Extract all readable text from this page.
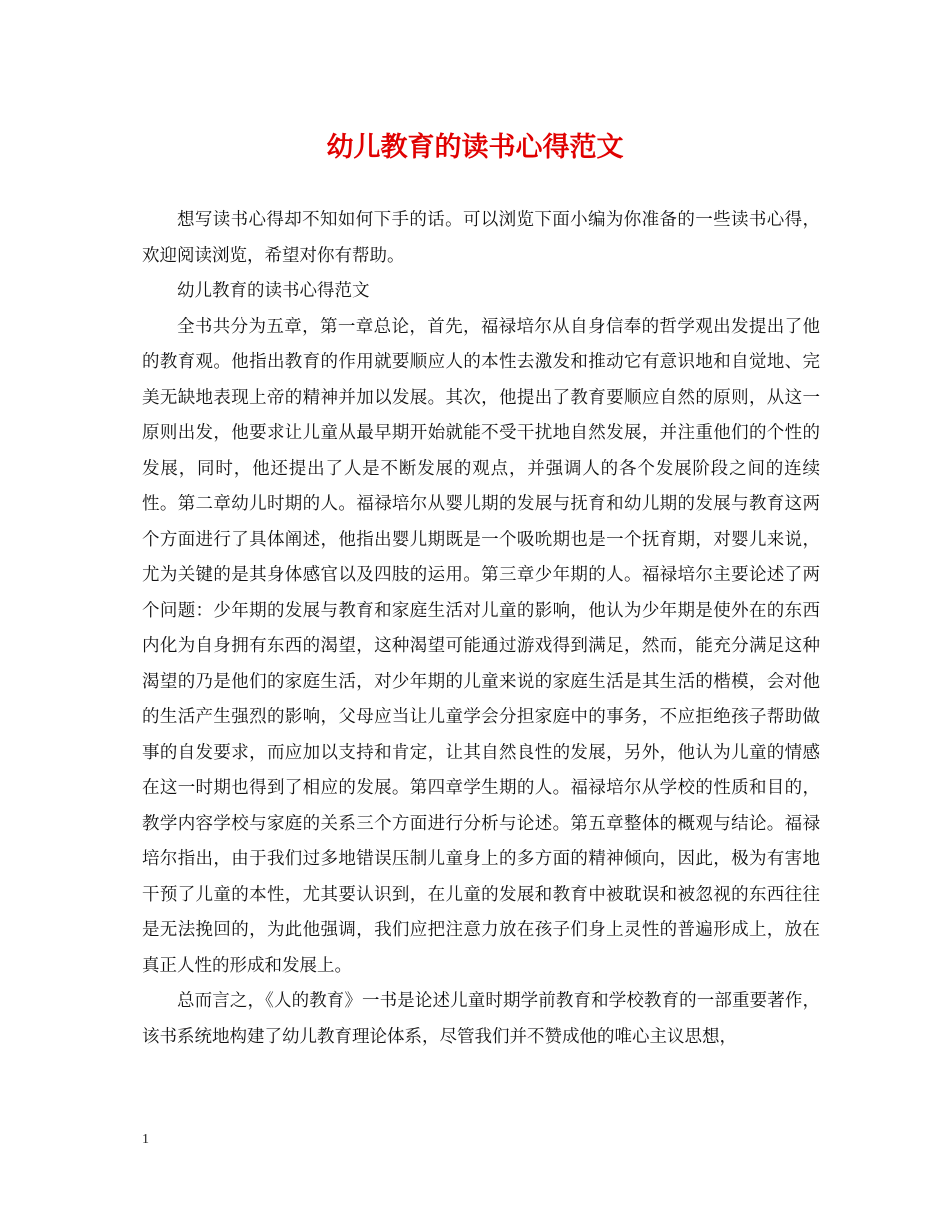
幼儿教育的读书心得范文

想写读书心得却不知如何下手的话。可以浏览下面小编为你准备的一些读书心得，欢迎阅读浏览，希望对你有帮助。

幼儿教育的读书心得范文

全书共分为五章，第一章总论，首先，福禄培尔从自身信奉的哲学观出发提出了他的教育观。他指出教育的作用就要顺应人的本性去激发和推动它有意识地和自觉地、完美无缺地表现上帝的精神并加以发展。其次，他提出了教育要顺应自然的原则，从这一原则出发，他要求让儿童从最早期开始就能不受干扰地自然发展，并注重他们的个性的发展，同时，他还提出了人是不断发展的观点，并强调人的各个发展阶段之间的连续性。第二章幼儿时期的人。福禄培尔从婴儿期的发展与抚育和幼儿期的发展与教育这两个方面进行了具体阐述，他指出婴儿期既是一个吸吮期也是一个抚育期，对婴儿来说，尤为关键的是其身体感官以及四肢的运用。第三章少年期的人。福禄培尔主要论述了两个问题：少年期的发展与教育和家庭生活对儿童的影响，他认为少年期是使外在的东西内化为自身拥有东西的渴望，这种渴望可能通过游戏得到满足，然而，能充分满足这种渴望的乃是他们的家庭生活，对少年期的儿童来说的家庭生活是其生活的楷模，会对他的生活产生强烈的影响，父母应当让儿童学会分担家庭中的事务，不应拒绝孩子帮助做事的自发要求，而应加以支持和肯定，让其自然良性的发展，另外，他认为儿童的情感在这一时期也得到了相应的发展。第四章学生期的人。福禄培尔从学校的性质和目的，教学内容学校与家庭的关系三个方面进行分析与论述。第五章整体的概观与结论。福禄培尔指出，由于我们过多地错误压制儿童身上的多方面的精神倾向，因此，极为有害地干预了儿童的本性，尤其要认识到，在儿童的发展和教育中被耽误和被忽视的东西往往是无法挽回的，为此他强调，我们应把注意力放在孩子们身上灵性的普遍形成上，放在真正人性的形成和发展上。

总而言之，《人的教育》一书是论述儿童时期学前教育和学校教育的一部重要著作，该书系统地构建了幼儿教育理论体系，尽管我们并不赞成他的唯心主议思想，

1
